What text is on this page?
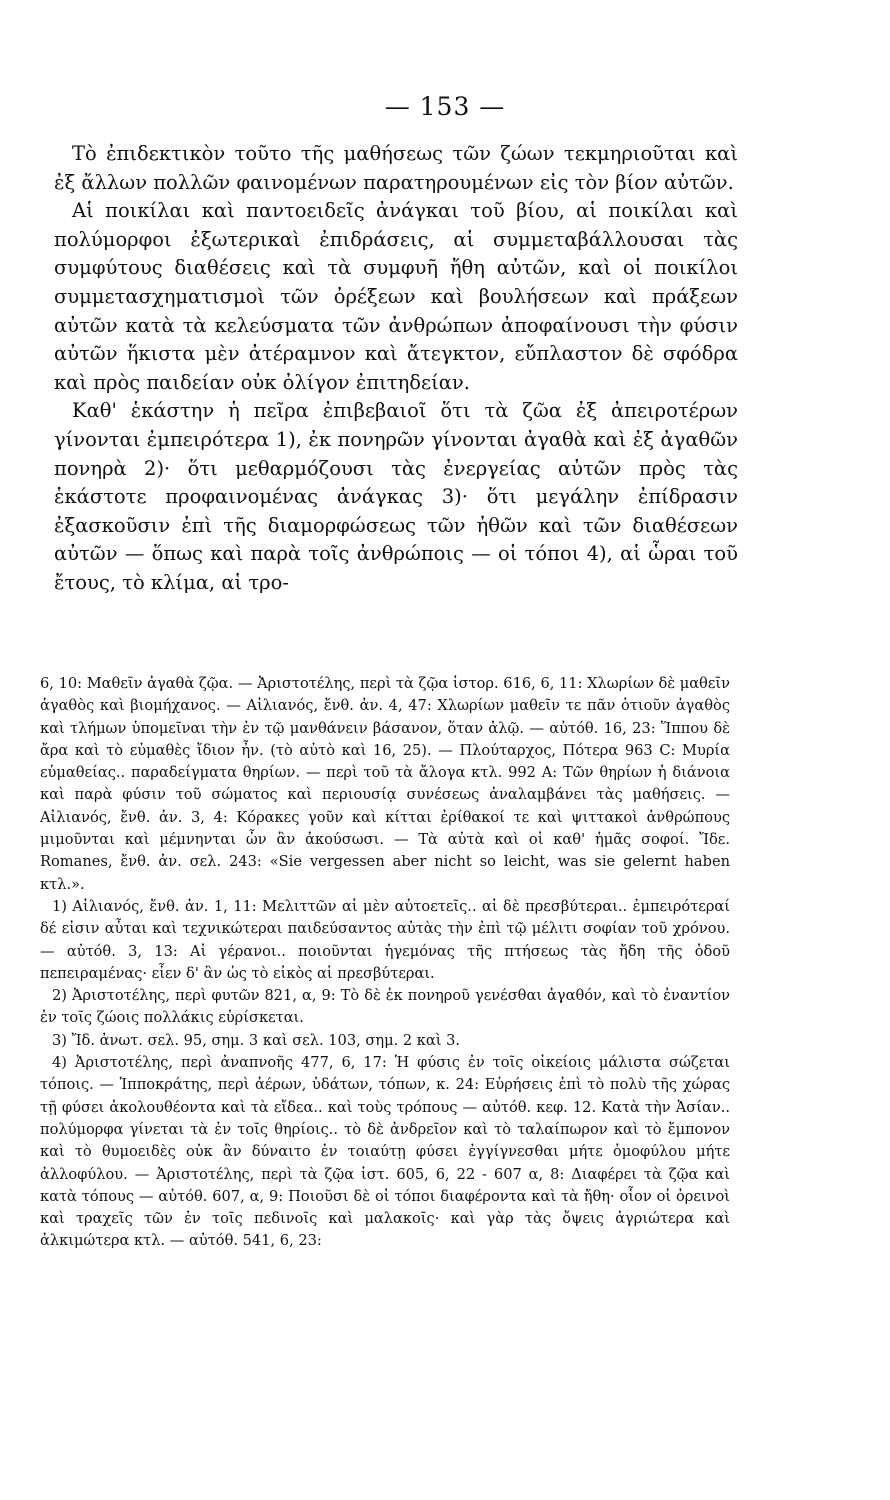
— 153 —

Τὸ ἐπιδεκτικὸν τοῦτο τῆς μαθήσεως τῶν ζώων τεκμηριοῦται καὶ ἐξ ἄλλων πολλῶν φαινομένων παρατηρουμένων εἰς τὸν βίον αὐτῶν.

Αἱ ποικίλαι καὶ παντοειδεῖς ἀνάγκαι τοῦ βίου, αἱ ποικίλαι καὶ πολύμορφοι ἐξωτερικαὶ ἐπιδράσεις, αἱ συμμεταβάλλουσαι τὰς συμφύτους διαθέσεις καὶ τὰ συμφυῆ ἤθη αὐτῶν, καὶ οἱ ποικίλοι συμμετασχηματισμοὶ τῶν ὀρέξεων καὶ βουλήσεων καὶ πράξεων αὐτῶν κατὰ τὰ κελεύσματα τῶν ἀνθρώπων ἀποφαίνουσι τὴν φύσιν αὐτῶν ἥκιστα μὲν ἀτέραμνον καὶ ἄτεγκτον, εὔπλαστον δὲ σφόδρα καὶ πρὸς παιδείαν οὐκ ὀλίγον ἐπιτηδείαν.

Καθ' ἑκάστην ἡ πεῖρα ἐπιβεβαιοῖ ὅτι τὰ ζῶα ἐξ ἀπειροτέρων γίνονται ἐμπειρότερα 1), ἐκ πονηρῶν γίνονται ἀγαθὰ καὶ ἐξ ἀγαθῶν πονηρὰ 2)· ὅτι μεθαρμόζουσι τὰς ἐνεργείας αὐτῶν πρὸς τὰς ἑκάστοτε προφαινομένας ἀνάγκας 3)· ὅτι μεγάλην ἐπίδρασιν ἐξασκοῦσιν ἐπὶ τῆς διαμορφώσεως τῶν ἠθῶν καὶ τῶν διαθέσεων αὐτῶν — ὅπως καὶ παρὰ τοῖς ἀνθρώποις — οἱ τόποι 4), αἱ ὧραι τοῦ ἔτους, τὸ κλίμα, αἱ τρο-

6, 10: Μαθεῖν ἀγαθὰ ζῷα. — Ἀριστοτέλης, περὶ τὰ ζῷα ἱστορ. 616, 6, 11: Χλωρίων δὲ μαθεῖν ἀγαθὸς καὶ βιομήχανος. — Αἰλιανός, ἔνθ. ἀν. 4, 47: Χλωρίων μαθεῖν τε πᾶν ὁτιοῦν ἀγαθὸς καὶ τλήμων ὑπομεῖναι τὴν ἐν τῷ μανθάνειν βάσανον, ὅταν ἀλῷ. — αὐτόθ. 16, 23: Ἵππου δὲ ἄρα καὶ τὸ εὐμαθὲς ἴδιον ἦν. (τὸ αὐτὸ καὶ 16, 25). — Πλούταρχος, Πότερα 963 C: Μυρία εὐμαθείας.. παραδείγματα θηρίων. — περὶ τοῦ τὰ ἄλογα κτλ. 992 A: Τῶν θηρίων ἡ διάνοια καὶ παρὰ φύσιν τοῦ σώματος καὶ περιουσίᾳ συνέσεως ἀναλαμβάνει τὰς μαθήσεις. — Αἰλιανός, ἔνθ. ἀν. 3, 4: Κόρακες γοῦν καὶ κίτται ἐρίθακοί τε καὶ ψιττακοὶ ἀνθρώπους μιμοῦνται καὶ μέμνηνται ὧν ἂν ἀκούσωσι. — Τὰ αὐτὰ καὶ οἱ καθ' ἡμᾶς σοφοί. Ἴδε. Romanes, ἔνθ. ἀν. σελ. 243: «Sie vergessen aber nicht so leicht, was sie gelernt haben κτλ.».

1) Αἰλιανός, ἔνθ. ἀν. 1, 11: Μελιττῶν αἱ μὲν αὐτοετεῖς.. αἱ δὲ πρεσβύτεραι.. ἐμπειρότεραί δέ εἰσιν αὗται καὶ τεχνικώτεραι παιδεύσαντος αὐτὰς τὴν ἐπὶ τῷ μέλιτι σοφίαν τοῦ χρόνου. — αὐτόθ. 3, 13: Αἱ γέρανοι.. ποιοῦνται ἡγεμόνας τῆς πτήσεως τὰς ἤδη τῆς ὁδοῦ πεπειραμένας· εἶεν δ' ἂν ὡς τὸ εἰκὸς αἱ πρεσβύτεραι.

2) Ἀριστοτέλης, περὶ φυτῶν 821, α, 9: Τὸ δὲ ἐκ πονηροῦ γενέσθαι ἀγαθόν, καὶ τὸ ἐναντίον ἐν τοῖς ζώοις πολλάκις εὑρίσκεται.

3) Ἴδ. ἀνωτ. σελ. 95, σημ. 3 καὶ σελ. 103, σημ. 2 καὶ 3.

4) Ἀριστοτέλης, περὶ ἀναπνοῆς 477, 6, 17: Ἡ φύσις ἐν τοῖς οἰκείοις μάλιστα σώζεται τόποις. — Ἱπποκράτης, περὶ ἀέρων, ὑδάτων, τόπων, κ. 24: Εὑρήσεις ἐπὶ τὸ πολὺ τῆς χώρας τῇ φύσει ἀκολουθέοντα καὶ τὰ εἴδεα.. καὶ τοὺς τρόπους — αὐτόθ. κεφ. 12. Κατὰ τὴν Ἀσίαν.. πολύμορφα γίνεται τὰ ἐν τοῖς θηρίοις.. τὸ δὲ ἀνδρεῖον καὶ τὸ ταλαίπωρον καὶ τὸ ἔμπονον καὶ τὸ θυμοειδὲς οὐκ ἂν δύναιτο ἐν τοιαύτῃ φύσει ἐγγίγνεσθαι μήτε ὁμοφύλου μήτε ἀλλοφύλου. — Ἀριστοτέλης, περὶ τὰ ζῷα ἱστ. 605, 6, 22 - 607 α, 8: Διαφέρει τὰ ζῷα καὶ κατὰ τόπους — αὐτόθ. 607, α, 9: Ποιοῦσι δὲ οἱ τόποι διαφέροντα καὶ τὰ ἤθη· οἷον οἱ ὀρεινοὶ καὶ τραχεῖς τῶν ἐν τοῖς πεδινοῖς καὶ μαλακοῖς· καὶ γὰρ τὰς ὄψεις ἀγριώτερα καὶ ἀλκιμώτερα κτλ. — αὐτόθ. 541, 6, 23:
